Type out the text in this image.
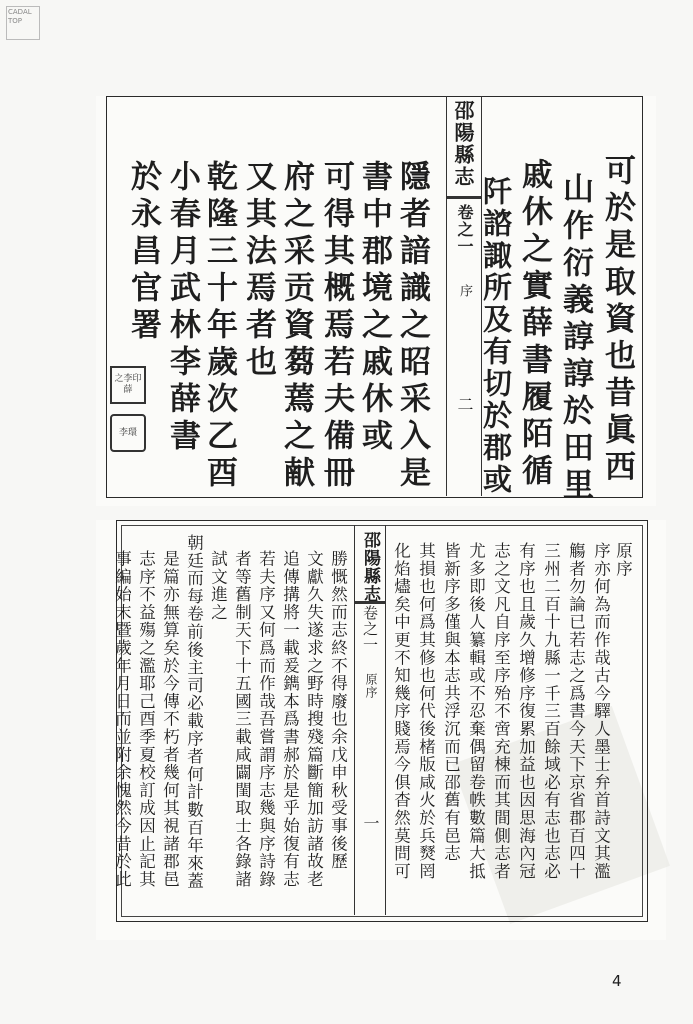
CADAL TOP
邵陽縣志
卷之一
序
二	可於是取資也昔眞西
山作衍義諄諄於田里
戚休之實薛書履陌循
阡諮諏所及有切於郡或
隱者諳識之昭采入是
書中郡境之戚休或
可得其概焉若夫備冊
府之采贡資蒭蔫之献
又其法焉者也
乾隆三十年歲次乙酉
小春月武林李薛書
於永昌官署
之李印薛
李環
邵陽縣志
卷之一
原序
一
原序
序亦何為而作哉古今驛人墨士弁首詩文其濫
觴者勿論已若志之爲書今天下京省郡百四十
三州二百十九縣一千三百餘域必有志也志必
有序也且歲久增修序復累加益也因思海內冠
志之文凡自序至序殆不啻充棟而其間側志者
尤多即後人纂輯或不忍棄偶留卷帙數篇大抵
皆新序多僅與本志共浮沉而已邵舊有邑志
其損也何爲其修也何代後楮版咸火於兵燹罔
化焰燼矣中更不知幾序賤焉今俱杳然莫問可
勝慨然而志終不得廢也余戊申秋受事後歷
文獻久失遂求之野時搜殘篇斷簡加訪諸故老
追傳搆將一載爰鐫本爲書郝於是乎始復有志
若夫序又何爲而作哉吾嘗謂序志幾與序詩錄
者等舊制天下十五國三載咸闢閨取士各錄諸
試文進之
朝廷而每卷前後主司必載序者何計數百年來蓋
是篇亦無算矣於今傳不朽者幾何其視諸郡邑
志序不益殤之濫耶己酉季夏校訂成因止記其
事編始末暨歲年月日而並附余愧然今昔於此
4
